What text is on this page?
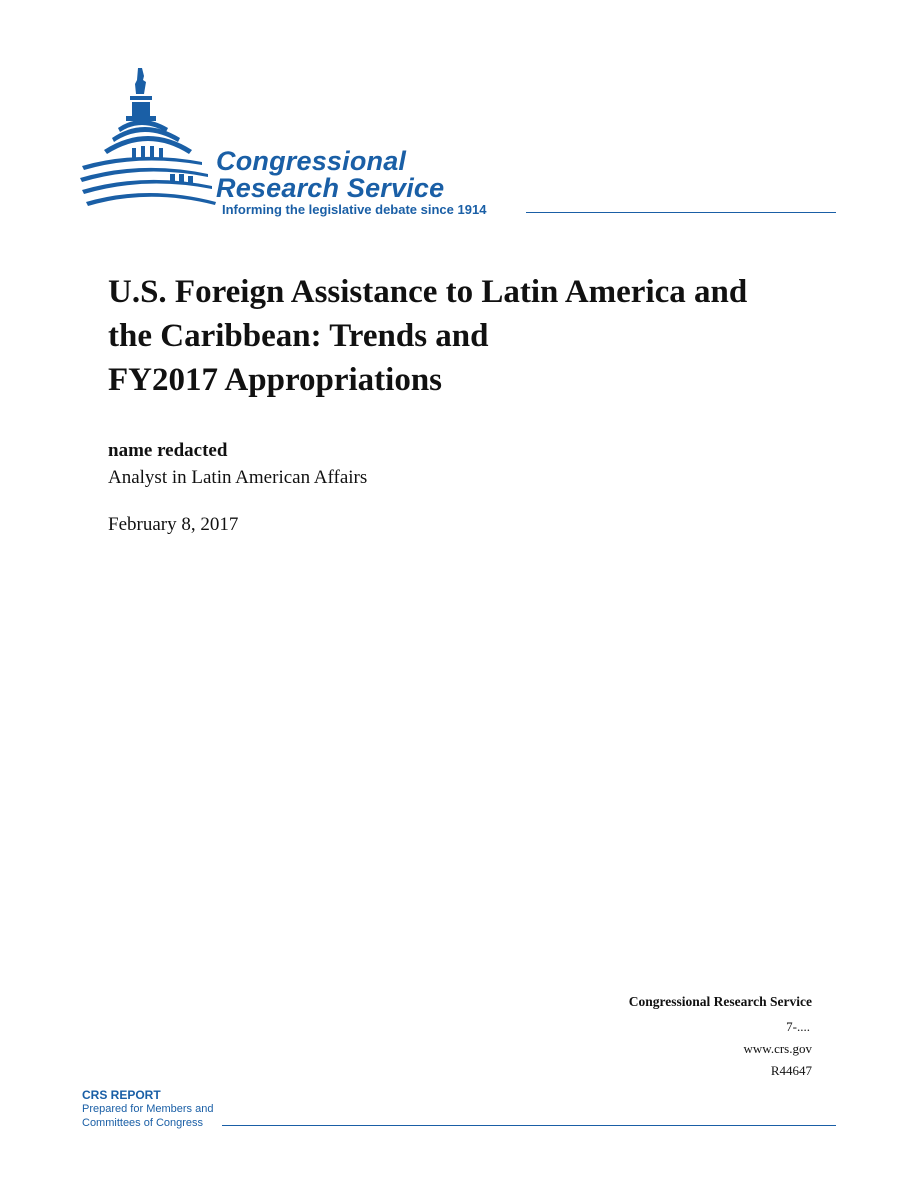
Congressional
Research Service
Informing the legislative debate since 1914
U.S. Foreign Assistance to Latin America and
the Caribbean: Trends and
FY2017 Appropriations
name redacted
Analyst in Latin American Affairs
February 8, 2017
Congressional Research Service
7-....
www.crs.gov
R44647
CRS REPORT
Prepared for Members and
Committees of Congress
